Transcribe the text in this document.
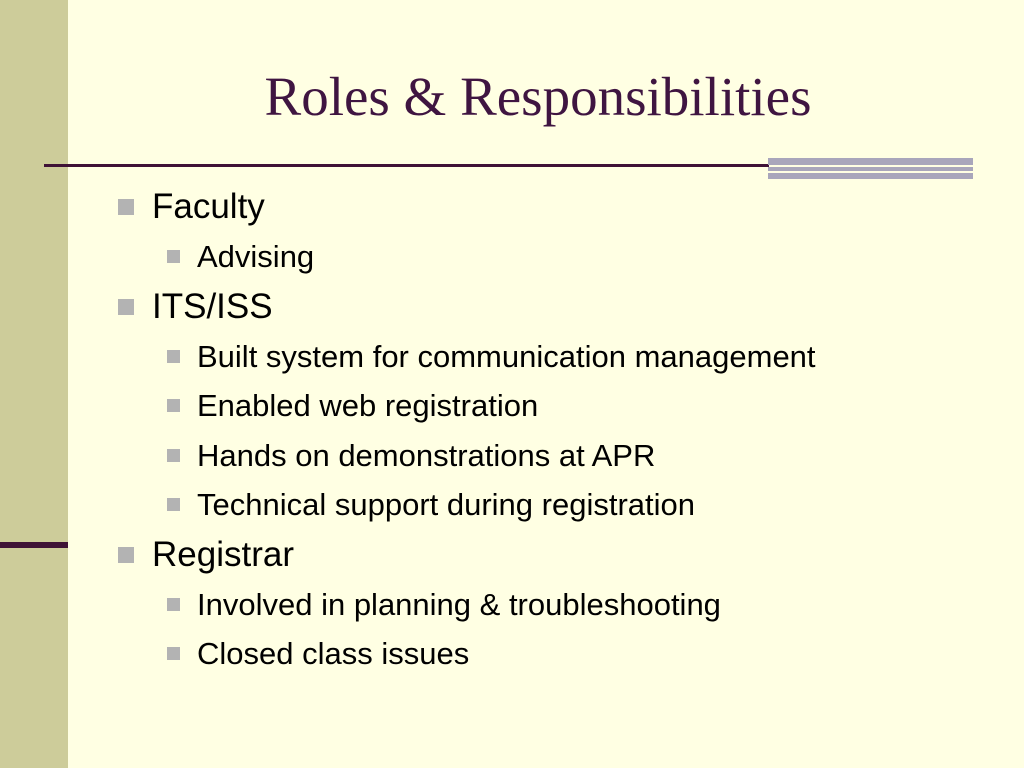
Roles & Responsibilities
Faculty
Advising
ITS/ISS
Built system for communication management
Enabled web registration
Hands on demonstrations at APR
Technical support during registration
Registrar
Involved in planning & troubleshooting
Closed class issues
